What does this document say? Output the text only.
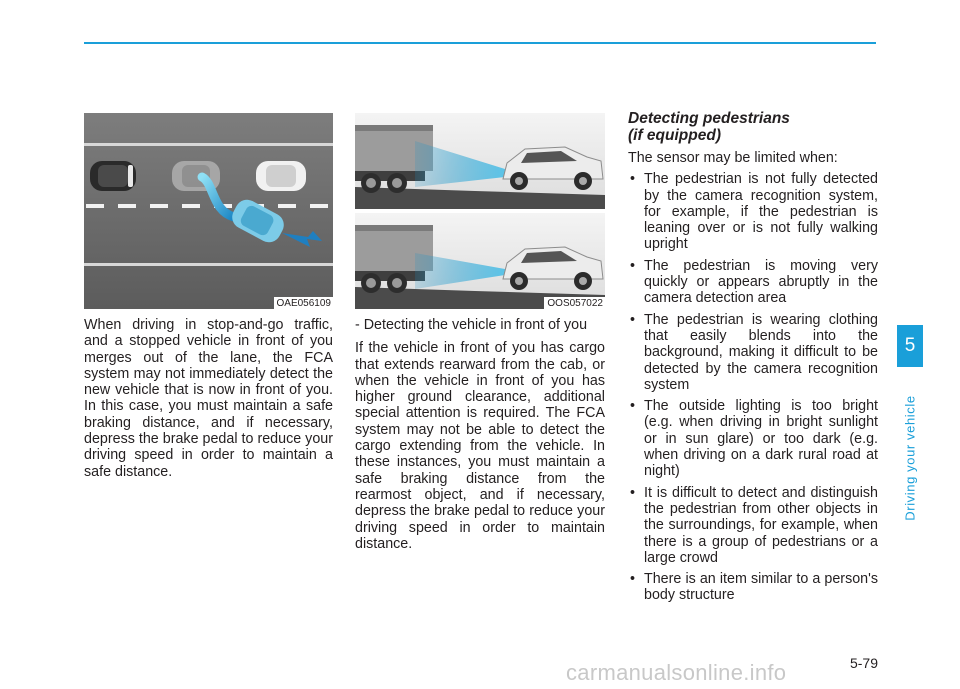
OAE056109	OOS057022

When driving in stop-and-go traffic, and a stopped vehicle in front of you merges out of the lane, the FCA system may not immediately detect the new vehicle that is now in front of you. In this case, you must maintain a safe braking distance, and if necessary, depress the brake pedal to reduce your driving speed in order to maintain a safe distance.

- Detecting the vehicle in front of you

If the vehicle in front of you has cargo that extends rearward from the cab, or when the vehicle in front of you has higher ground clearance, additional special attention is required. The FCA system may not be able to detect the cargo extending from the vehicle. In these instances, you must maintain a safe braking distance from the rearmost object, and if necessary, depress the brake pedal to reduce your driving speed in order to maintain distance.

Detecting pedestrians
(if equipped)

The sensor may be limited when:

• The pedestrian is not fully detected by the camera recognition system, for example, if the pedestrian is leaning over or is not fully walking upright
• The pedestrian is moving very quickly or appears abruptly in the camera detection area
• The pedestrian is wearing clothing that easily blends into the background, making it difficult to be detected by the camera recognition system
• The outside lighting is too bright (e.g. when driving in bright sunlight or in sun glare) or too dark (e.g. when driving on a dark rural road at night)
• It is difficult to detect and distinguish the pedestrian from other objects in the surroundings, for example, when there is a group of pedestrians or a large crowd
• There is an item similar to a person's body structure
5
Driving your vehicle
5-79
carmanualsonline.info
